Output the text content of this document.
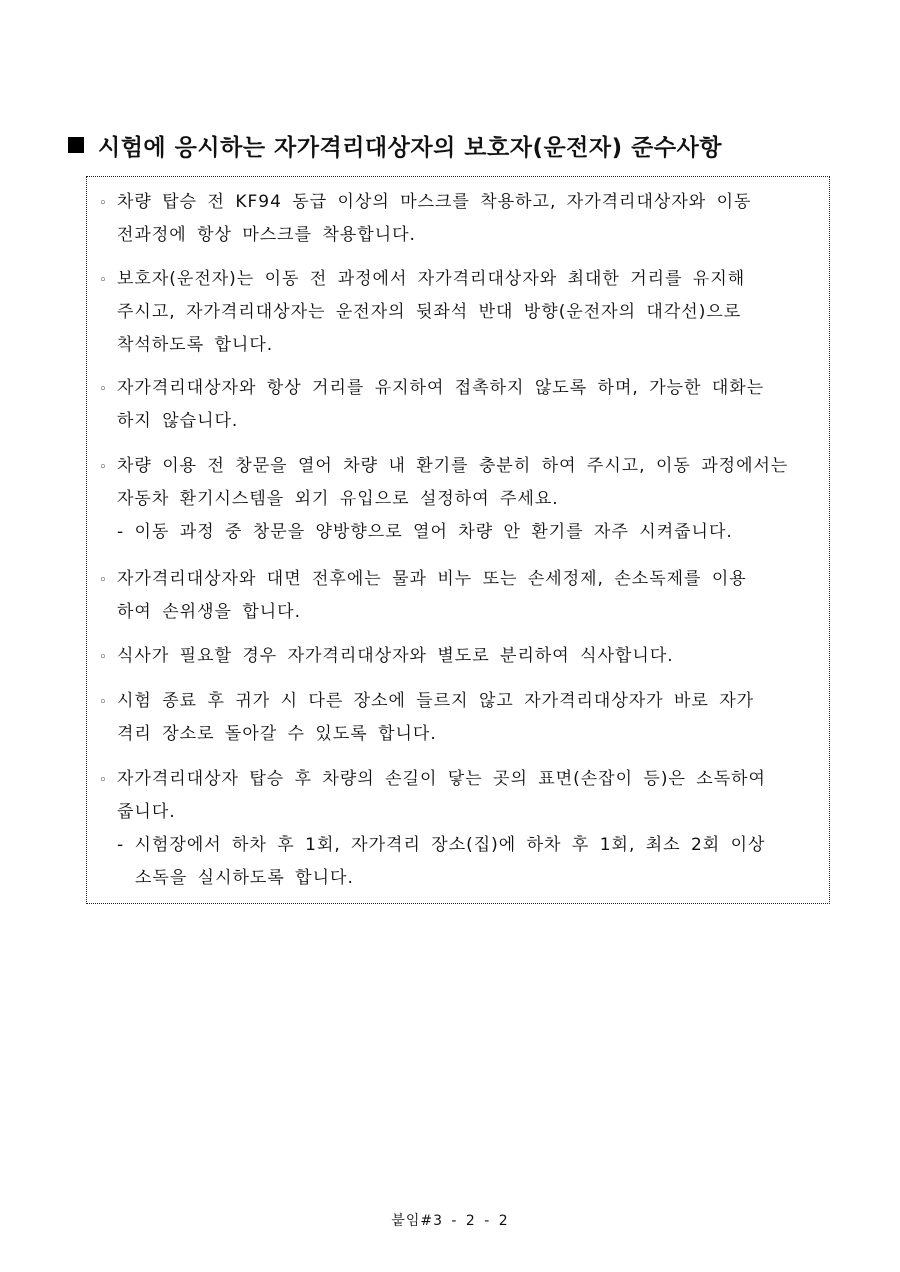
시험에 응시하는 자가격리대상자의 보호자(운전자) 준수사항
◦ 차량 탑승 전 KF94 동급 이상의 마스크를 착용하고, 자가격리대상자와 이동
전과정에 항상 마스크를 착용합니다.
◦ 보호자(운전자)는 이동 전 과정에서 자가격리대상자와 최대한 거리를 유지해
주시고, 자가격리대상자는 운전자의 뒷좌석 반대 방향(운전자의 대각선)으로
착석하도록 합니다.
◦ 자가격리대상자와 항상 거리를 유지하여 접촉하지 않도록 하며, 가능한 대화는
하지 않습니다.
◦ 차량 이용 전 창문을 열어 차량 내 환기를 충분히 하여 주시고, 이동 과정에서는
자동차 환기시스템을 외기 유입으로 설정하여 주세요.
- 이동 과정 중 창문을 양방향으로 열어 차량 안 환기를 자주 시켜줍니다.
◦ 자가격리대상자와 대면 전후에는 물과 비누 또는 손세정제, 손소독제를 이용
하여 손위생을 합니다.
◦ 식사가 필요할 경우 자가격리대상자와 별도로 분리하여 식사합니다.
◦ 시험 종료 후 귀가 시 다른 장소에 들르지 않고 자가격리대상자가 바로 자가
격리 장소로 돌아갈 수 있도록 합니다.
◦ 자가격리대상자 탑승 후 차량의 손길이 닿는 곳의 표면(손잡이 등)은 소독하여
줍니다.
- 시험장에서 하차 후 1회, 자가격리 장소(집)에 하차 후 1회, 최소 2회 이상
소독을 실시하도록 합니다.
붙임#3 - 2 - 2
